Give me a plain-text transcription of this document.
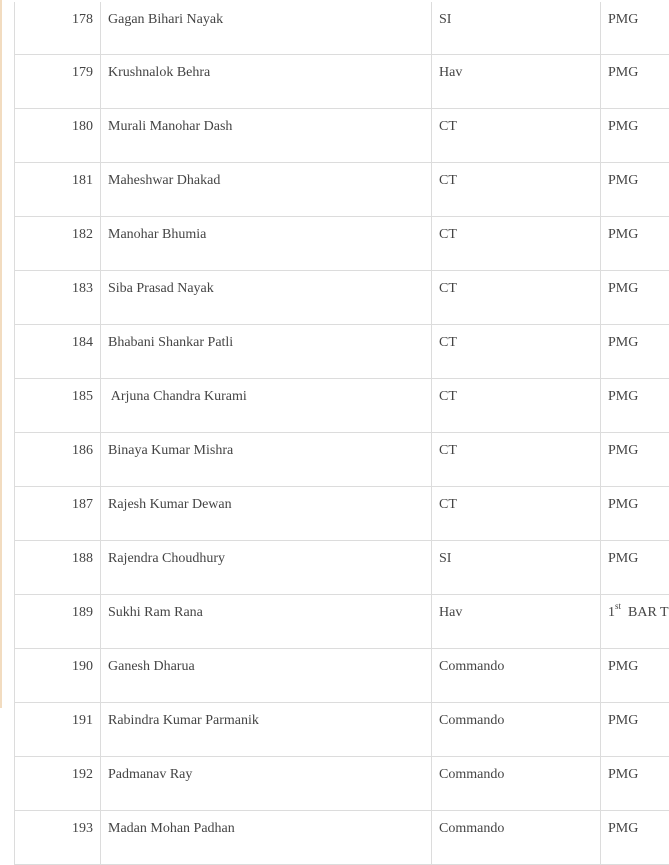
178	Gagan Bihari Nayak	SI	PMG
179	Krushnalok Behra	Hav	PMG
180	Murali Manohar Dash	CT	PMG
181	Maheshwar Dhakad	CT	PMG
182	Manohar Bhumia	CT	PMG
183	Siba Prasad Nayak	CT	PMG
184	Bhabani Shankar Patli	CT	PMG
185	Arjuna Chandra Kurami	CT	PMG
186	Binaya Kumar Mishra	CT	PMG
187	Rajesh Kumar Dewan	CT	PMG
188	Rajendra Choudhury	SI	PMG
189	Sukhi Ram Rana	Hav	1st  BAR T
190	Ganesh Dharua	Commando	PMG
191	Rabindra Kumar Parmanik	Commando	PMG
192	Padmanav Ray	Commando	PMG
193	Madan Mohan Padhan	Commando	PMG
